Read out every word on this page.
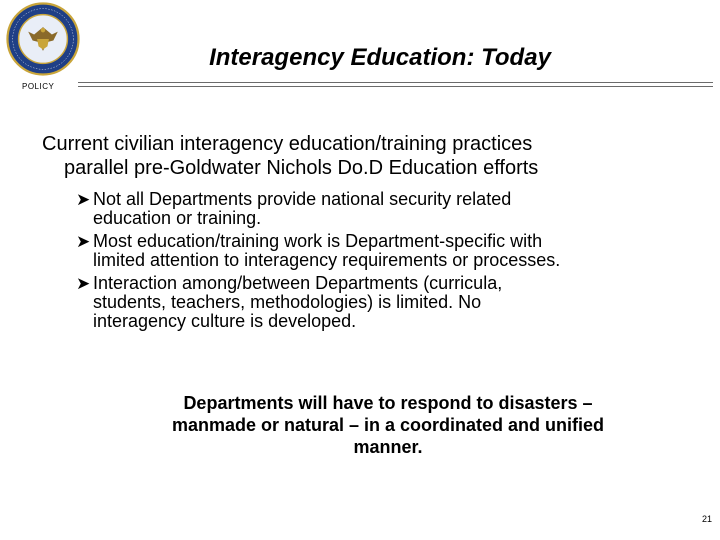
POLICY
Interagency Education: Today
Current civilian interagency education/training practices
parallel pre-Goldwater Nichols Do.D Education efforts
➤ Not all Departments provide national security related
education or training.
➤ Most education/training work is Department-specific with
limited attention to interagency requirements or processes.
➤ Interaction among/between Departments (curricula,
students, teachers, methodologies) is limited. No
interagency culture is developed.
Departments will have to respond to disasters –
manmade or natural – in a coordinated and unified
manner.
21
